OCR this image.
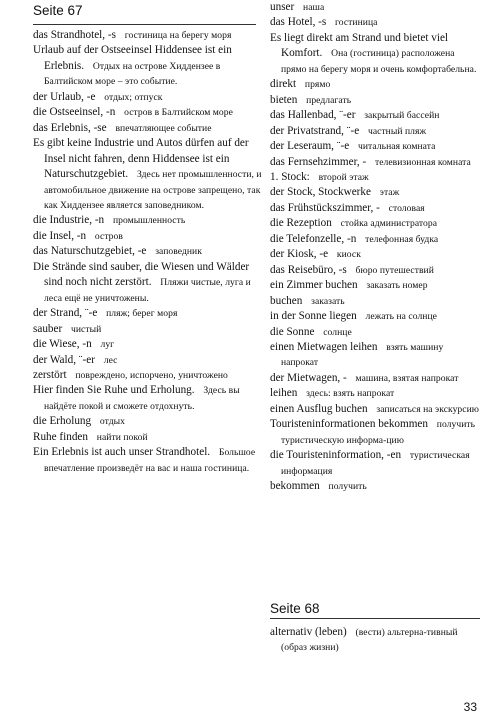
Seite 67

das Strandhotel, -s гостиница на берегу моря

Urlaub auf der Ostseeinsel Hiddensee ist ein Erlebnis. Отдых на острове Хиддензее в Балтийском море – это событие.

der Urlaub, -e отдых; отпуск

die Ostseeinsel, -n остров в Балтийском море

das Erlebnis, -se впечатляющее событие

Es gibt keine Industrie und Autos dürfen auf der Insel nicht fahren, denn Hiddensee ist ein Naturschutzgebiet. Здесь нет промышленности, и автомобильное движение на острове запрещено, так как Хиддензее является заповедником.

die Industrie, -n промышленность

die Insel, -n остров

das Naturschutzgebiet, -e заповедник

Die Strände sind sauber, die Wiesen und Wälder sind noch nicht zerstört. Пляжи чистые, луга и леса ещё не уничтожены.

der Strand, ¨-e пляж; берег моря

sauber чистый

die Wiese, -n луг

der Wald, ¨-er лес

zerstört повреждено, испорчено, уничтожено

Hier finden Sie Ruhe und Erholung. Здесь вы найдёте покой и сможете отдохнуть.

die Erholung отдых

Ruhe finden найти покой

Ein Erlebnis ist auch unser Strandhotel. Большое впечатление произведёт на вас и наша гостиница.

unser наша

das Hotel, -s гостиница

Es liegt direkt am Strand und bietet viel Komfort. Она (гостиница) расположена прямо на берегу моря и очень комфортабельна.

direkt прямо

bieten предлагать

das Hallenbad, ¨-er закрытый бассейн

der Privatstrand, ¨-e частный пляж

der Leseraum, ¨-e читальная комната

das Fernsehzimmer, - телевизионная комната

1. Stock: второй этаж

der Stock, Stockwerke этаж

das Frühstückszimmer, - столовая

die Rezeption стойка администратора

die Telefonzelle, -n телефонная будка

der Kiosk, -e киоск

das Reisebüro, -s бюро путешествий

ein Zimmer buchen заказать номер

buchen заказать

in der Sonne liegen лежать на солнце

die Sonne солнце

einen Mietwagen leihen взять машину напрокат

der Mietwagen, - машина, взятая напрокат

leihen здесь: взять напрокат

einen Ausflug buchen записаться на экскурсию

Touristeninformationen bekommen получить туристическую информа-цию

die Touristeninformation, -en туристическая информация

bekommen получить

Seite 68

alternativ (leben) (вести) альтерна-тивный (образ жизни)

33
